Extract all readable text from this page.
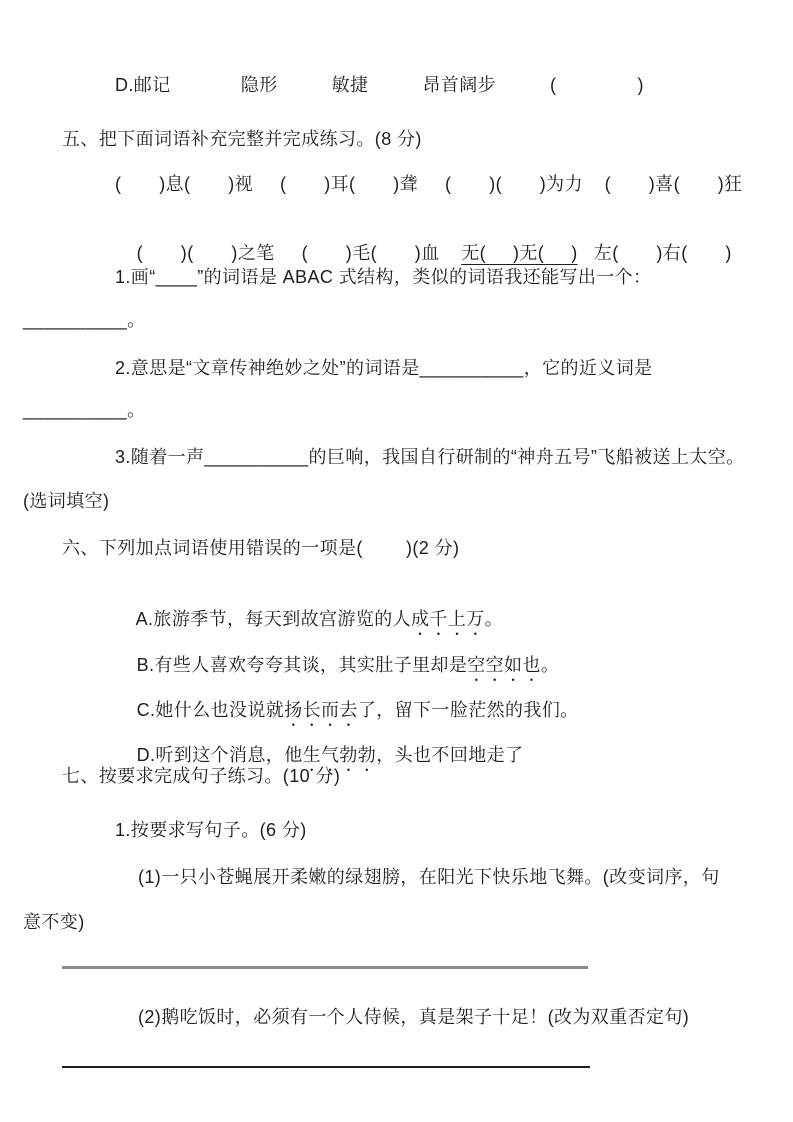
D.邮记             隐形          敏捷          昂首阔步          (               )
五、把下面词语补充完整并完成练习。(8 分)
(       )息(       )视     (       )耳(       )聋     (       )(       )为力    (       )喜(       )狂

(       )(       )之笔     (       )毛(       )血    无(     )无(     )   左(       )右(       )

1.画“____”的词语是 ABAC 式结构，类似的词语我还能写出一个：
__________。
2.意思是“文章传神绝妙之处”的词语是__________，它的近义词是
__________。
3.随着一声__________的巨响，我国自行研制的“神舟五号”飞船被送上太空。
(选词填空)
六、下列加点词语使用错误的一项是(        )(2 分)

A.旅游季节，每天到故宫游览的人成千上万。

B.有些人喜欢夸夸其谈，其实肚子里却是空空如也。

C.她什么也没说就扬长而去了，留下一脸茫然的我们。

D.听到这个消息，他生气勃勃，头也不回地走了

七、按要求完成句子练习。(10 分)
1.按要求写句子。(6 分)
(1)一只小苍蝇展开柔嫩的绿翅膀，在阳光下快乐地飞舞。(改变词序，句
意不变)
(2)鹅吃饭时，必须有一个人侍候，真是架子十足！(改为双重否定句)
